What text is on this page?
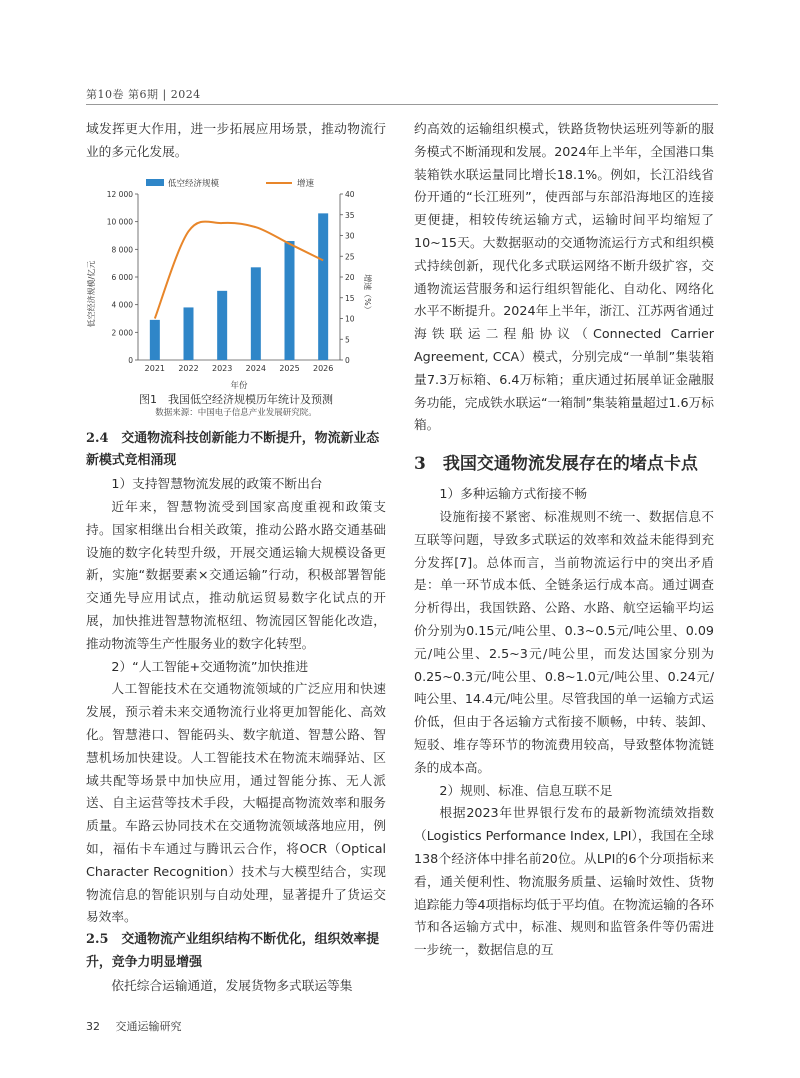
第10卷 第6期 | 2024

域发挥更大作用，进一步拓展应用场景，推动物流行业的多元化发展。

低空经济规模	增速
低空经济规模/亿元	增速（%）
年份
0
2 000
4 000
6 000
8 000
10 000
12 000
0
5
10
15
20
25
30
35
40
2021 2022 2023 2024 2025 2026
图1　我国低空经济规模历年统计及预测
数据来源：中国电子信息产业发展研究院。

2.4　交通物流科技创新能力不断提升，物流新业态新模式竞相涌现

1）支持智慧物流发展的政策不断出台

近年来，智慧物流受到国家高度重视和政策支持。国家相继出台相关政策，推动公路水路交通基础设施的数字化转型升级，开展交通运输大规模设备更新，实施“数据要素×交通运输”行动，积极部署智能交通先导应用试点，推动航运贸易数字化试点的开展，加快推进智慧物流枢纽、物流园区智能化改造，推动物流等生产性服务业的数字化转型。

2）“人工智能+交通物流”加快推进

人工智能技术在交通物流领域的广泛应用和快速发展，预示着未来交通物流行业将更加智能化、高效化。智慧港口、智能码头、数字航道、智慧公路、智慧机场加快建设。人工智能技术在物流末端驿站、区域共配等场景中加快应用，通过智能分拣、无人派送、自主运营等技术手段，大幅提高物流效率和服务质量。车路云协同技术在交通物流领域落地应用，例如，福佑卡车通过与腾讯云合作，将OCR（Optical Character Recognition）技术与大模型结合，实现物流信息的智能识别与自动处理，显著提升了货运交易效率。

2.5　交通物流产业组织结构不断优化，组织效率提升，竞争力明显增强

依托综合运输通道，发展货物多式联运等集

约高效的运输组织模式，铁路货物快运班列等新的服务模式不断涌现和发展。2024年上半年，全国港口集装箱铁水联运量同比增长18.1%。例如，长江沿线省份开通的“长江班列”，使西部与东部沿海地区的连接更便捷，相较传统运输方式，运输时间平均缩短了10~15天。大数据驱动的交通物流运行方式和组织模式持续创新，现代化多式联运网络不断升级扩容，交通物流运营服务和运行组织智能化、自动化、网络化水平不断提升。2024年上半年，浙江、江苏两省通过海铁联运二程船协议（Connected Carrier Agreement, CCA）模式，分别完成“一单制”集装箱量7.3万标箱、6.4万标箱；重庆通过拓展单证金融服务功能，完成铁水联运“一箱制”集装箱量超过1.6万标箱。

3　我国交通物流发展存在的堵点卡点

1）多种运输方式衔接不畅

设施衔接不紧密、标准规则不统一、数据信息不互联等问题，导致多式联运的效率和效益未能得到充分发挥[7]。总体而言，当前物流运行中的突出矛盾是：单一环节成本低、全链条运行成本高。通过调查分析得出，我国铁路、公路、水路、航空运输平均运价分别为0.15元/吨公里、0.3~0.5元/吨公里、0.09元/吨公里、2.5~3元/吨公里，而发达国家分别为0.25~0.3元/吨公里、0.8~1.0元/吨公里、0.24元/吨公里、14.4元/吨公里。尽管我国的单一运输方式运价低，但由于各运输方式衔接不顺畅，中转、装卸、短驳、堆存等环节的物流费用较高，导致整体物流链条的成本高。

2）规则、标准、信息互联不足

根据2023年世界银行发布的最新物流绩效指数（Logistics Performance Index, LPI），我国在全球138个经济体中排名前20位。从LPI的6个分项指标来看，通关便利性、物流服务质量、运输时效性、货物追踪能力等4项指标均低于平均值。在物流运输的各环节和各运输方式中，标准、规则和监管条件等仍需进一步统一，数据信息的互

32 交通运输研究
